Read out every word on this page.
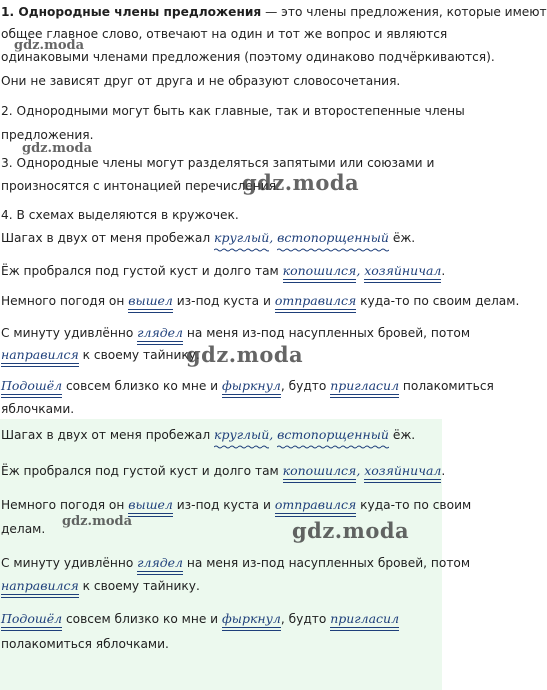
1. Однородные члены предложения — это члены предложения, которые имеют
общее главное слово, отвечают на один и тот же вопрос и являются
одинаковыми членами предложения (поэтому одинаково подчёркиваются).
Они не зависят друг от друга и не образуют словосочетания.
2. Однородными могут быть как главные, так и второстепенные члены
предложения.
3. Однородные члены могут разделяться запятыми или союзами и
произносятся с интонацией перечисления.
4. В схемах выделяются в кружочек.
Шагах в двух от меня пробежал круглый, встопорщенный ёж.
Ёж пробрался под густой куст и долго там копошился, хозяйничал.
Немного погодя он вышел из-под куста и отправился куда-то по своим делам.
С минуту удивлённо глядел на меня из-под насупленных бровей, потом
направился к своему тайнику.
Подошёл совсем близко ко мне и фыркнул, будто пригласил полакомиться
яблочками.
Шагах в двух от меня пробежал круглый, встопорщенный ёж.
Ёж пробрался под густой куст и долго там копошился, хозяйничал.
Немного погодя он вышел из-под куста и отправился куда-то по своим
делам.
С минуту удивлённо глядел на меня из-под насупленных бровей, потом
направился к своему тайнику.
Подошёл совсем близко ко мне и фыркнул, будто пригласил
полакомиться яблочками.
gdz.moda
gdz.moda
gdz.moda
gdz.moda
gdz.moda	gdz.moda
